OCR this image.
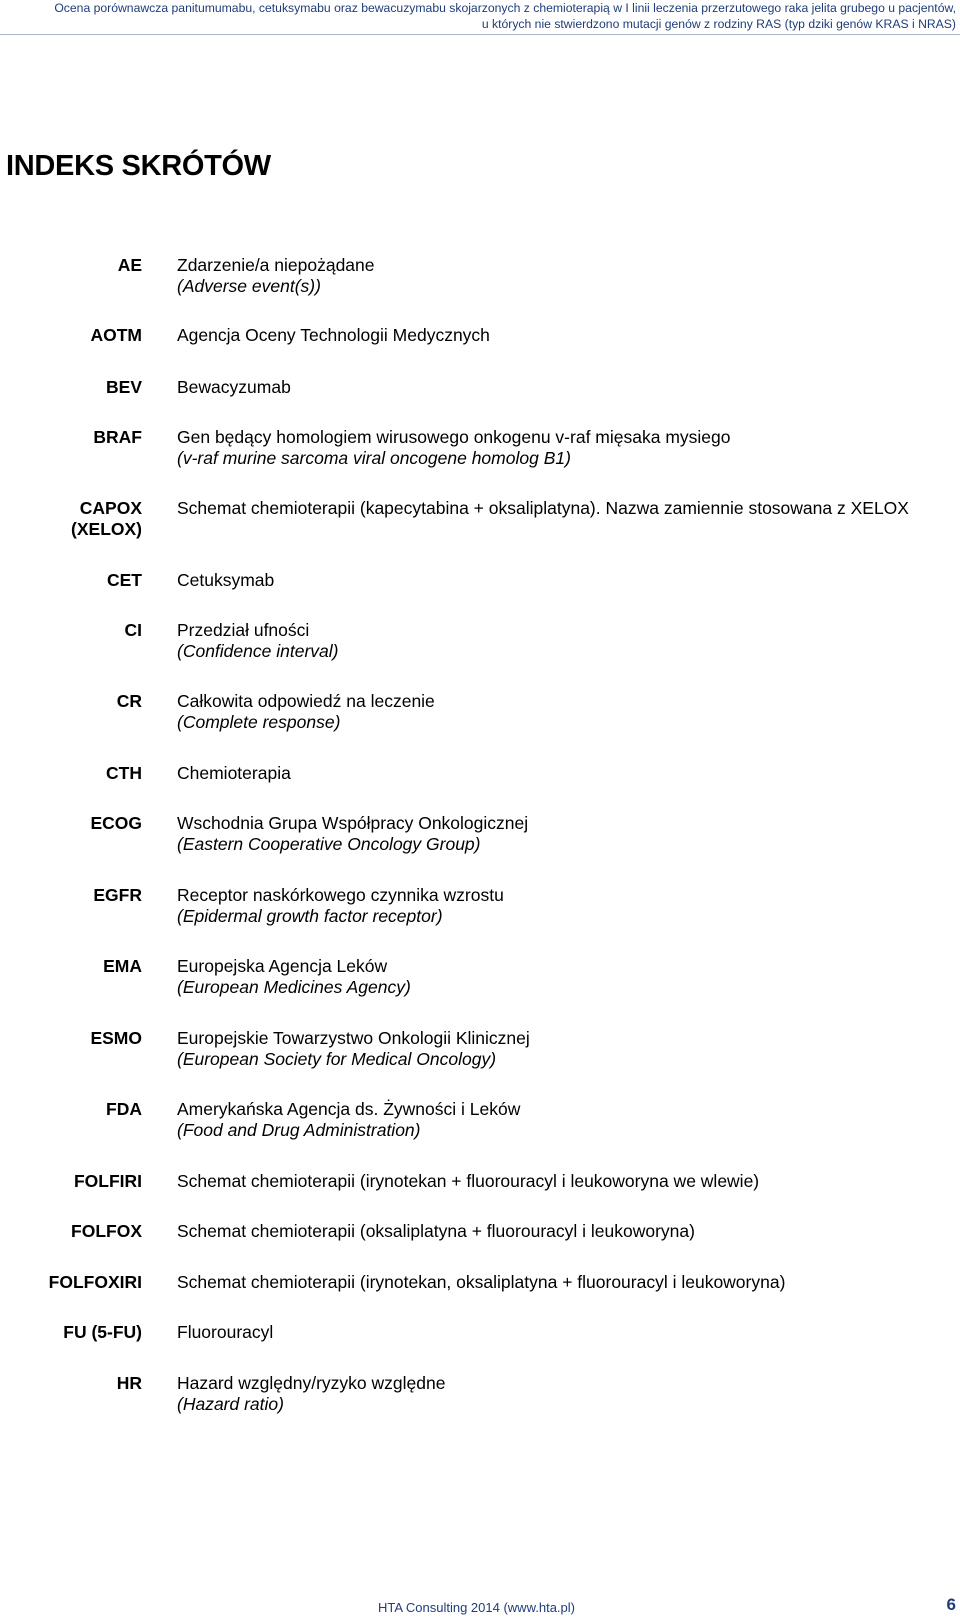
Ocena porównawcza panitumumabu, cetuksymabu oraz bewacuzymabu skojarzonych z chemioterapią w I linii leczenia przerzutowego raka jelita grubego u pacjentów,
u których nie stwierdzono mutacji genów z rodziny RAS (typ dziki genów KRAS i NRAS)
INDEKS SKRÓTÓW
AE Zdarzenie/a niepożądane
(Adverse event(s))
AOTM Agencja Oceny Technologii Medycznych
BEV Bewacyzumab
BRAF Gen będący homologiem wirusowego onkogenu v-raf mięsaka mysiego
(v-raf murine sarcoma viral oncogene homolog B1)
CAPOX
(XELOX)
Schemat chemioterapii (kapecytabina + oksaliplatyna). Nazwa zamiennie stosowana z XELOX
CET Cetuksymab
CI Przedział ufności
(Confidence interval)
CR Całkowita odpowiedź na leczenie
(Complete response)
CTH Chemioterapia
ECOG Wschodnia Grupa Współpracy Onkologicznej
(Eastern Cooperative Oncology Group)
EGFR Receptor naskórkowego czynnika wzrostu
(Epidermal growth factor receptor)
EMA Europejska Agencja Leków
(European Medicines Agency)
ESMO Europejskie Towarzystwo Onkologii Klinicznej
(European Society for Medical Oncology)
FDA Amerykańska Agencja ds. Żywności i Leków
(Food and Drug Administration)
FOLFIRI Schemat chemioterapii (irynotekan + fluorouracyl i leukoworyna we wlewie)
FOLFOX Schemat chemioterapii (oksaliplatyna + fluorouracyl i leukoworyna)
FOLFOXIRI Schemat chemioterapii (irynotekan, oksaliplatyna + fluorouracyl i leukoworyna)
FU (5-FU) Fluorouracyl
HR Hazard względny/ryzyko względne
(Hazard ratio)
HTA Consulting 2014 (www.hta.pl)	6
